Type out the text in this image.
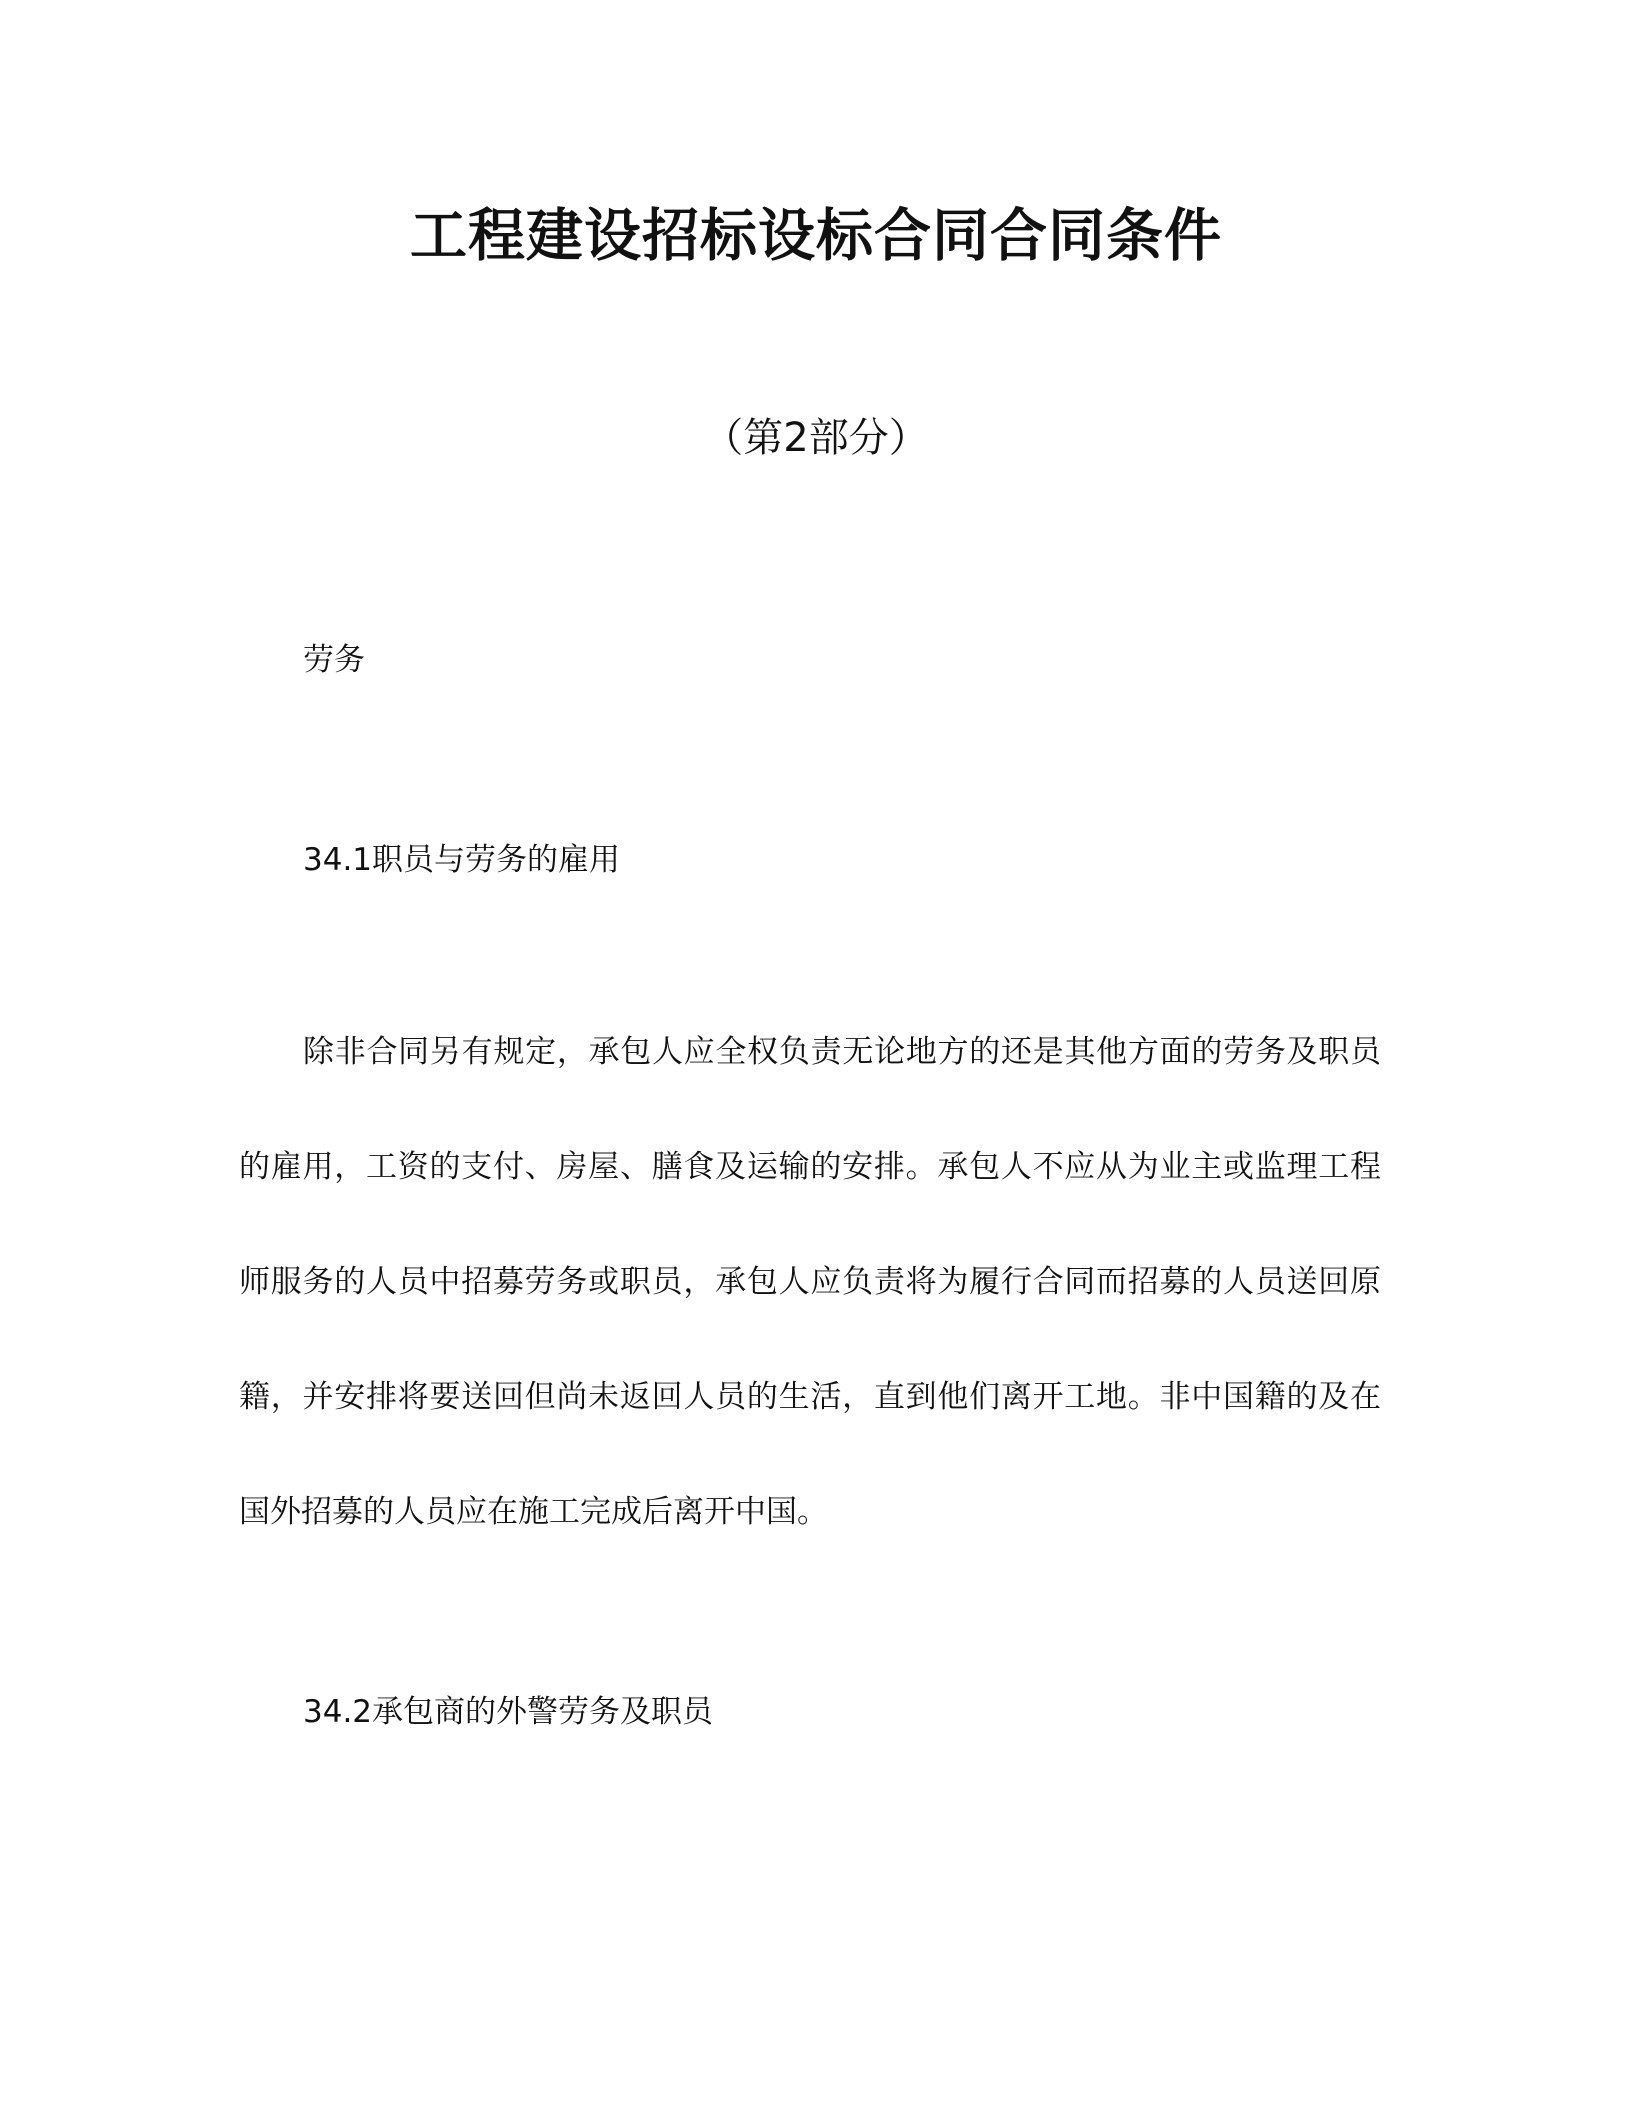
工程建设招标设标合同合同条件
（第2部分）
劳务
34.1职员与劳务的雇用
除非合同另有规定，承包人应全权负责无论地方的还是其他方面的劳务及职员
的雇用，工资的支付、房屋、膳食及运输的安排。承包人不应从为业主或监理工程
师服务的人员中招募劳务或职员，承包人应负责将为履行合同而招募的人员送回原
籍，并安排将要送回但尚未返回人员的生活，直到他们离开工地。非中国籍的及在
国外招募的人员应在施工完成后离开中国。
34.2承包商的外警劳务及职员
